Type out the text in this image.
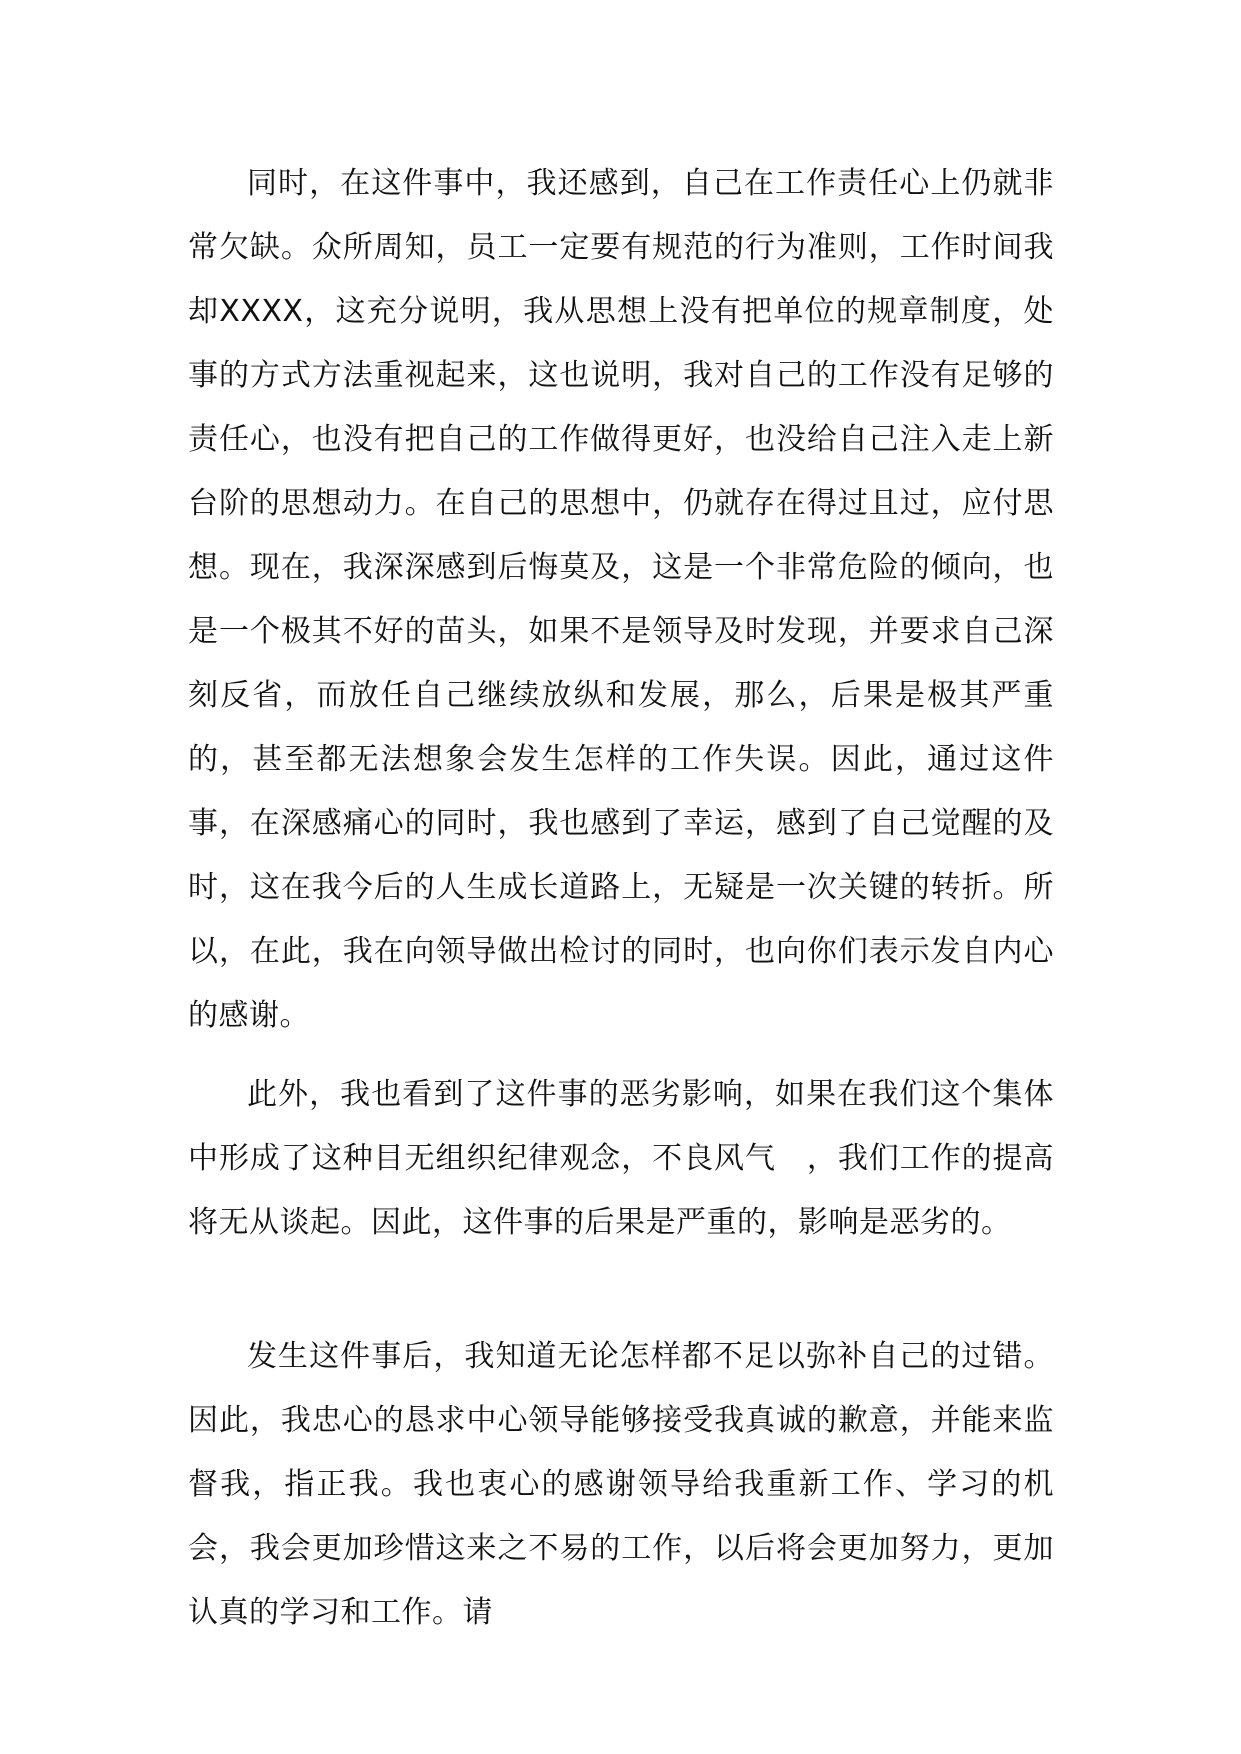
同时，在这件事中，我还感到，自己在工作责任心上仍就非常欠缺。众所周知，员工一定要有规范的行为准则，工作时间我却XXXX，这充分说明，我从思想上没有把单位的规章制度，处事的方式方法重视起来，这也说明，我对自己的工作没有足够的责任心，也没有把自己的工作做得更好，也没给自己注入走上新台阶的思想动力。在自己的思想中，仍就存在得过且过，应付思想。现在，我深深感到后悔莫及，这是一个非常危险的倾向，也是一个极其不好的苗头，如果不是领导及时发现，并要求自己深刻反省，而放任自己继续放纵和发展，那么，后果是极其严重的，甚至都无法想象会发生怎样的工作失误。因此，通过这件事，在深感痛心的同时，我也感到了幸运，感到了自己觉醒的及时，这在我今后的人生成长道路上，无疑是一次关键的转折。所以，在此，我在向领导做出检讨的同时，也向你们表示发自内心的感谢。

此外，我也看到了这件事的恶劣影响，如果在我们这个集体中形成了这种目无组织纪律观念，不良风气　，我们工作的提高将无从谈起。因此，这件事的后果是严重的，影响是恶劣的。

发生这件事后，我知道无论怎样都不足以弥补自己的过错。因此，我忠心的恳求中心领导能够接受我真诚的歉意，并能来监督我，指正我。我也衷心的感谢领导给我重新工作、学习的机会，我会更加珍惜这来之不易的工作，以后将会更加努力，更加认真的学习和工作。请
